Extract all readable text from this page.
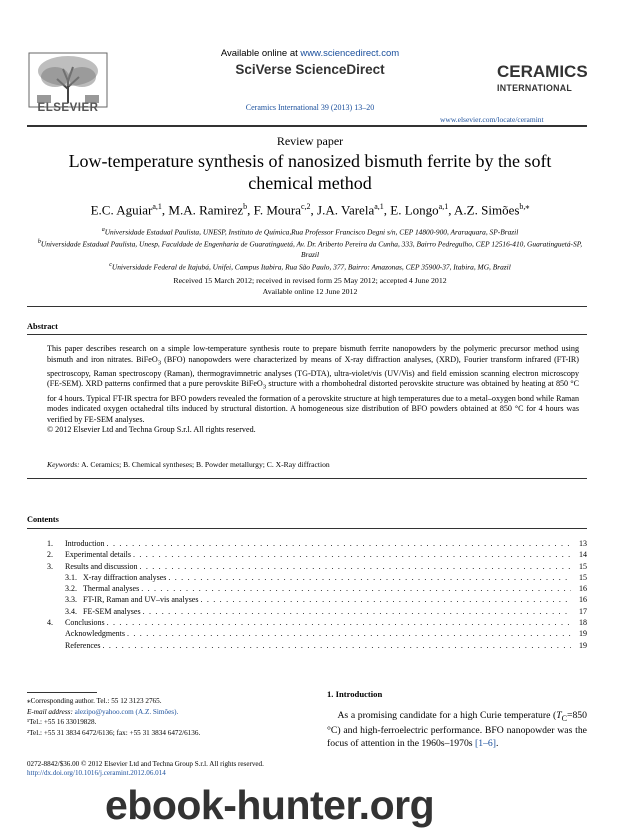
ELSEVIER
Available online at www.sciencedirect.com
SciVerse ScienceDirect
Ceramics International 39 (2013) 13–20
CERAMICS
INTERNATIONAL
www.elsevier.com/locate/ceramint
Review paper
Low-temperature synthesis of nanosized bismuth ferrite by the soft chemical method
E.C. Aguiar$^{a,1}$, M.A. Ramirez$^b$, F. Moura$^{c,2}$, J.A. Varela$^{a,1}$, E. Longo$^{a,1}$, A.Z. Simões$^{b,⁎}$
$^a$Universidade Estadual Paulista, UNESP, Instituto de Química,Rua Professor Francisco Degni s/n, CEP 14800-900, Araraquara, SP-Brazil
$^b$Universidade Estadual Paulista, Unesp, Faculdade de Engenharia de Guaratinguetá, Av. Dr. Ariberto Pereira da Cunha, 333, Bairro Pedregulho, CEP 12516-410, Guaratinguetá-SP, Brazil
$^c$Universidade Federal de Itajubá, Unifei, Campus Itabira, Rua São Paulo, 377, Bairro: Amazonas, CEP 35900-37, Itabira, MG, Brazil
Received 15 March 2012; received in revised form 25 May 2012; accepted 4 June 2012
Available online 12 June 2012
Abstract
This paper describes research on a simple low-temperature synthesis route to prepare bismuth ferrite nanopowders by the polymeric precursor method using bismuth and iron nitrates. BiFeO$_3$ (BFO) nanopowders were characterized by means of X-ray diffraction analyses, (XRD), Fourier transform infrared (FT-IR) spectroscopy, Raman spectroscopy (Raman), thermogravimnetric analyses (TG-DTA), ultra-violet/vis (UV/Vis) and field emission scanning electron microscopy (FE-SEM). XRD patterns confirmed that a pure perovskite BiFeO$_3$ structure with a rhombohedral distorted perovskite structure was obtained by heating at 850 °C for 4 hours. Typical FT-IR spectra for BFO powders revealed the formation of a perovskite structure at high temperatures due to a metal–oxygen bond while Raman modes indicated oxygen octahedral tilts induced by structural distortion. A homogeneous size distribution of BFO powders obtained at 850 °C for 4 hours was verified by FE-SEM analyses.
© 2012 Elsevier Ltd and Techna Group S.r.l. All rights reserved.
Keywords: A. Ceramics; B. Chemical syntheses; B. Powder metallurgy; C. X-Ray diffraction
Contents
1.	Introduction . . .	13
2.	Experimental details . . .	14
3.	Results and discussion . . .	15
3.1. X-ray diffraction analyses . . .	15
3.2. Thermal analyses . . .	16
3.3. FT-IR, Raman and UV–vis analyses . . .	16
3.4. FE-SEM analyses . . .	17
4.	Conclusions . . .	18
Acknowledgments . . .	19
References . . .	19
⁎Corresponding author. Tel.: 55 12 3123 2765.
E-mail address: alezipo@yahoo.com (A.Z. Simões).
¹Tel.: +55 16 33019828.
²Tel.: +55 31 3834 6472/6136; fax: +55 31 3834 6472/6136.
1. Introduction
As a promising candidate for a high Curie temperature ($T_C=850$ °C) and high-ferroelectric performance. BFO nanopowder was the focus of attention in the 1960s–1970s [1–6].
0272-8842/$36.00 © 2012 Elsevier Ltd and Techna Group S.r.l. All rights reserved.
http://dx.doi.org/10.1016/j.ceramint.2012.06.014
ebook-hunter.org
